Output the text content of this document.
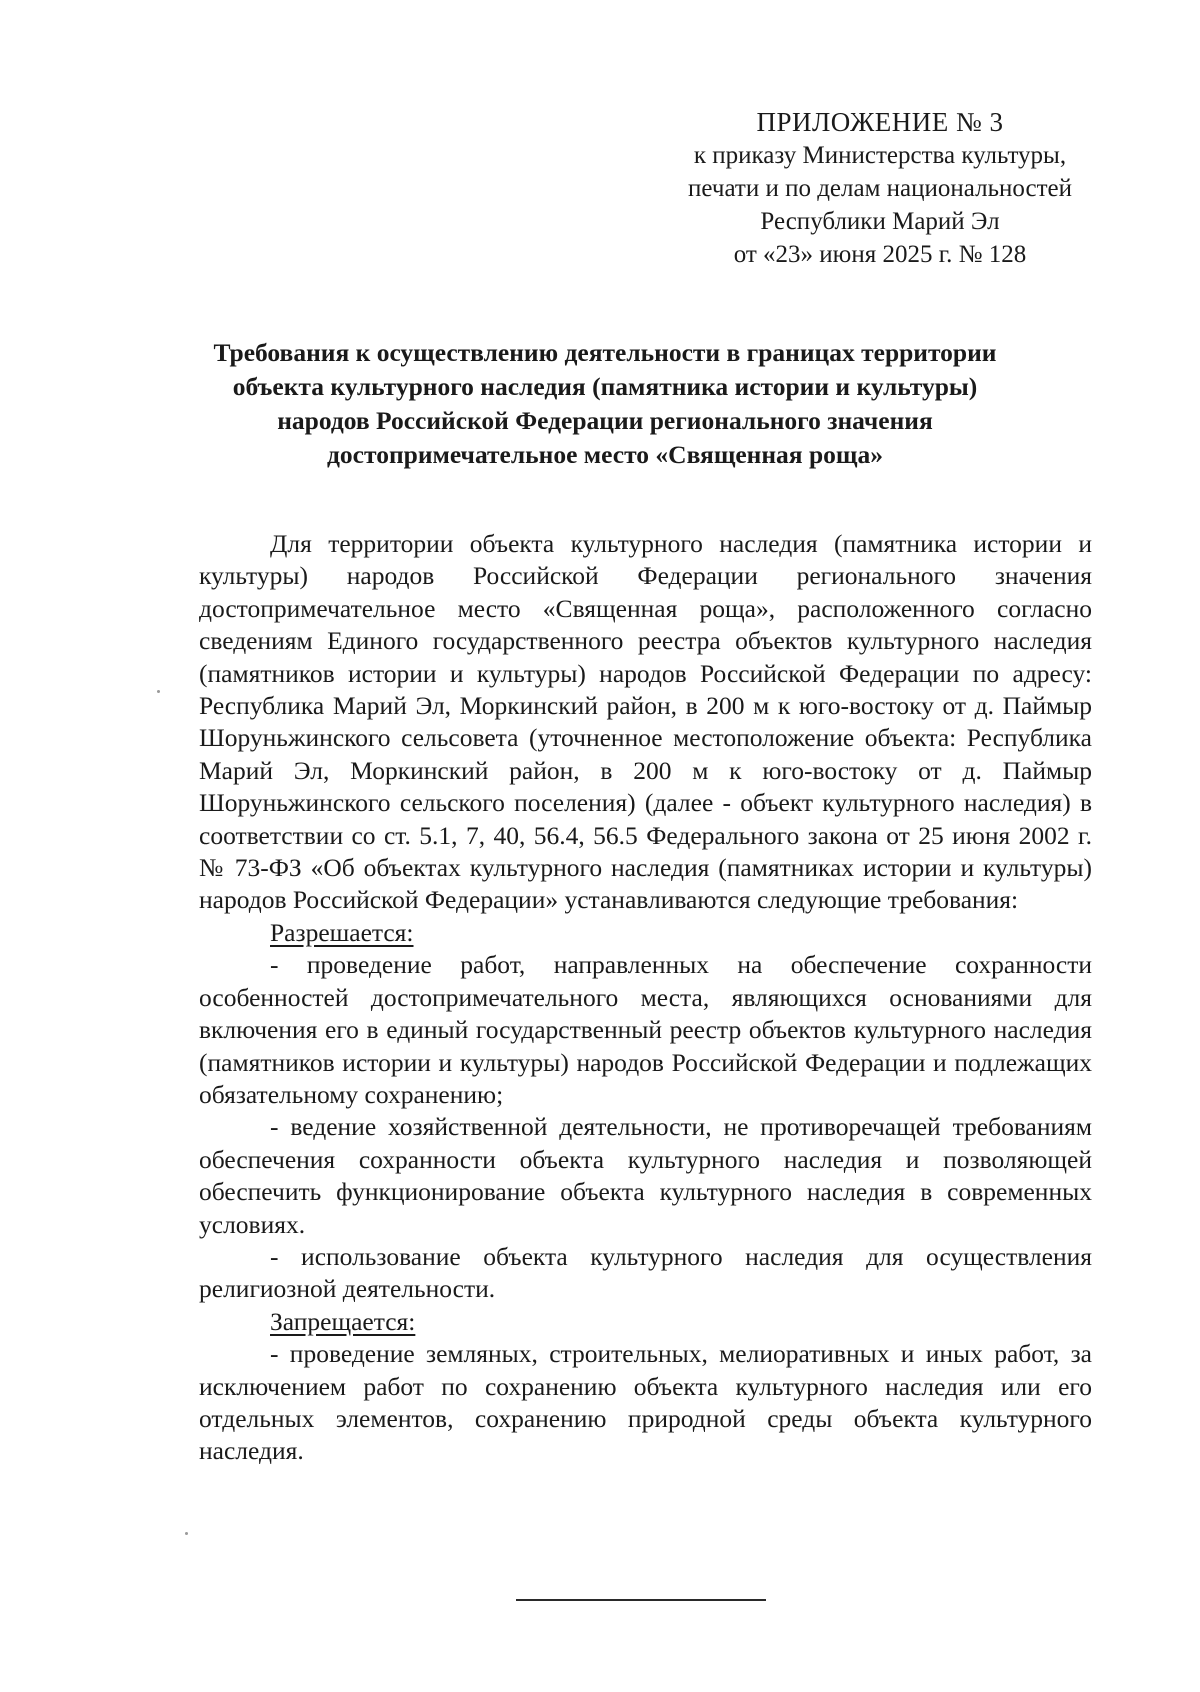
ПРИЛОЖЕНИЕ № 3
к приказу Министерства культуры,
печати и по делам национальностей
Республики Марий Эл
от «23» июня 2025 г. № 128
Требования к осуществлению деятельности в границах территории
объекта культурного наследия (памятника истории и культуры)
народов Российской Федерации регионального значения
достопримечательное место «Священная роща»

Для территории объекта культурного наследия (памятника истории и культуры) народов Российской Федерации регионального значения достопримечательное место «Священная роща», расположенного согласно сведениям Единого государственного реестра объектов культурного наследия (памятников истории и культуры) народов Российской Федерации по адресу: Республика Марий Эл, Моркинский район, в 200 м к юго-востоку от д. Паймыр Шоруньжинского сельсовета (уточненное местоположение объекта: Республика Марий Эл, Моркинский район, в 200 м к юго-востоку от д. Паймыр Шоруньжинского сельского поселения) (далее - объект культурного наследия) в соответствии со ст. 5.1, 7, 40, 56.4, 56.5 Федерального закона от 25 июня 2002 г. № 73-ФЗ «Об объектах культурного наследия (памятниках истории и культуры) народов Российской Федерации» устанавливаются следующие требования:

Разрешается:

- проведение работ, направленных на обеспечение сохранности особенностей достопримечательного места, являющихся основаниями для включения его в единый государственный реестр объектов культурного наследия (памятников истории и культуры) народов Российской Федерации и подлежащих обязательному сохранению;

- ведение хозяйственной деятельности, не противоречащей требованиям обеспечения сохранности объекта культурного наследия и позволяющей обеспечить функционирование объекта культурного наследия в современных условиях.

- использование объекта культурного наследия для осуществления религиозной деятельности.

Запрещается:

- проведение земляных, строительных, мелиоративных и иных работ, за исключением работ по сохранению объекта культурного наследия или его отдельных элементов, сохранению природной среды объекта культурного наследия.
